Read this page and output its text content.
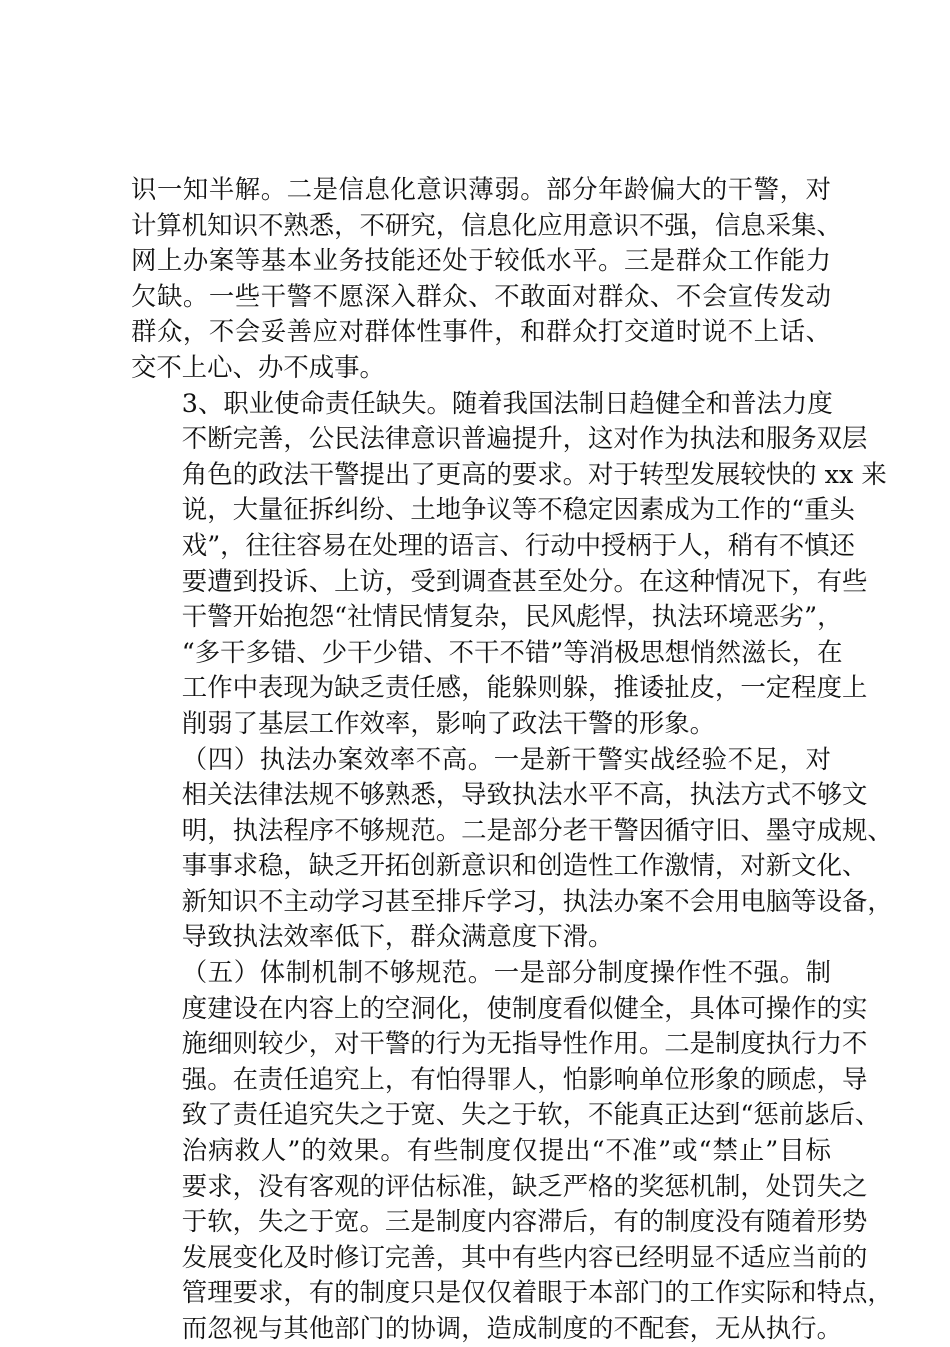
识一知半解。二是信息化意识薄弱。部分年龄偏大的干警，对
计算机知识不熟悉，不研究，信息化应用意识不强，信息采集、
网上办案等基本业务技能还处于较低水平。三是群众工作能力
欠缺。一些干警不愿深入群众、不敢面对群众、不会宣传发动
群众，不会妥善应对群体性事件，和群众打交道时说不上话、
交不上心、办不成事。
3、职业使命责任缺失。随着我国法制日趋健全和普法力度
不断完善，公民法律意识普遍提升，这对作为执法和服务双层
角色的政法干警提出了更高的要求。对于转型发展较快的 xx 来
说，大量征拆纠纷、土地争议等不稳定因素成为工作的“重头
戏”，往往容易在处理的语言、行动中授柄于人，稍有不慎还
要遭到投诉、上访，受到调查甚至处分。在这种情况下，有些
干警开始抱怨“社情民情复杂，民风彪悍，执法环境恶劣”，
“多干多错、少干少错、不干不错”等消极思想悄然滋长，在
工作中表现为缺乏责任感，能躲则躲，推诿扯皮，一定程度上
削弱了基层工作效率，影响了政法干警的形象。
（四）执法办案效率不高。一是新干警实战经验不足，对
相关法律法规不够熟悉，导致执法水平不高，执法方式不够文
明，执法程序不够规范。二是部分老干警因循守旧、墨守成规、
事事求稳，缺乏开拓创新意识和创造性工作激情，对新文化、
新知识不主动学习甚至排斥学习，执法办案不会用电脑等设备，
导致执法效率低下，群众满意度下滑。
（五）体制机制不够规范。一是部分制度操作性不强。制
度建设在内容上的空洞化，使制度看似健全，具体可操作的实
施细则较少，对干警的行为无指导性作用。二是制度执行力不
强。在责任追究上，有怕得罪人，怕影响单位形象的顾虑，导
致了责任追究失之于宽、失之于软，不能真正达到“惩前毖后、
治病救人”的效果。有些制度仅提出“不准”或“禁止”目标
要求，没有客观的评估标准，缺乏严格的奖惩机制，处罚失之
于软，失之于宽。三是制度内容滞后，有的制度没有随着形势
发展变化及时修订完善，其中有些内容已经明显不适应当前的
管理要求，有的制度只是仅仅着眼于本部门的工作实际和特点，
而忽视与其他部门的协调，造成制度的不配套，无从执行。
